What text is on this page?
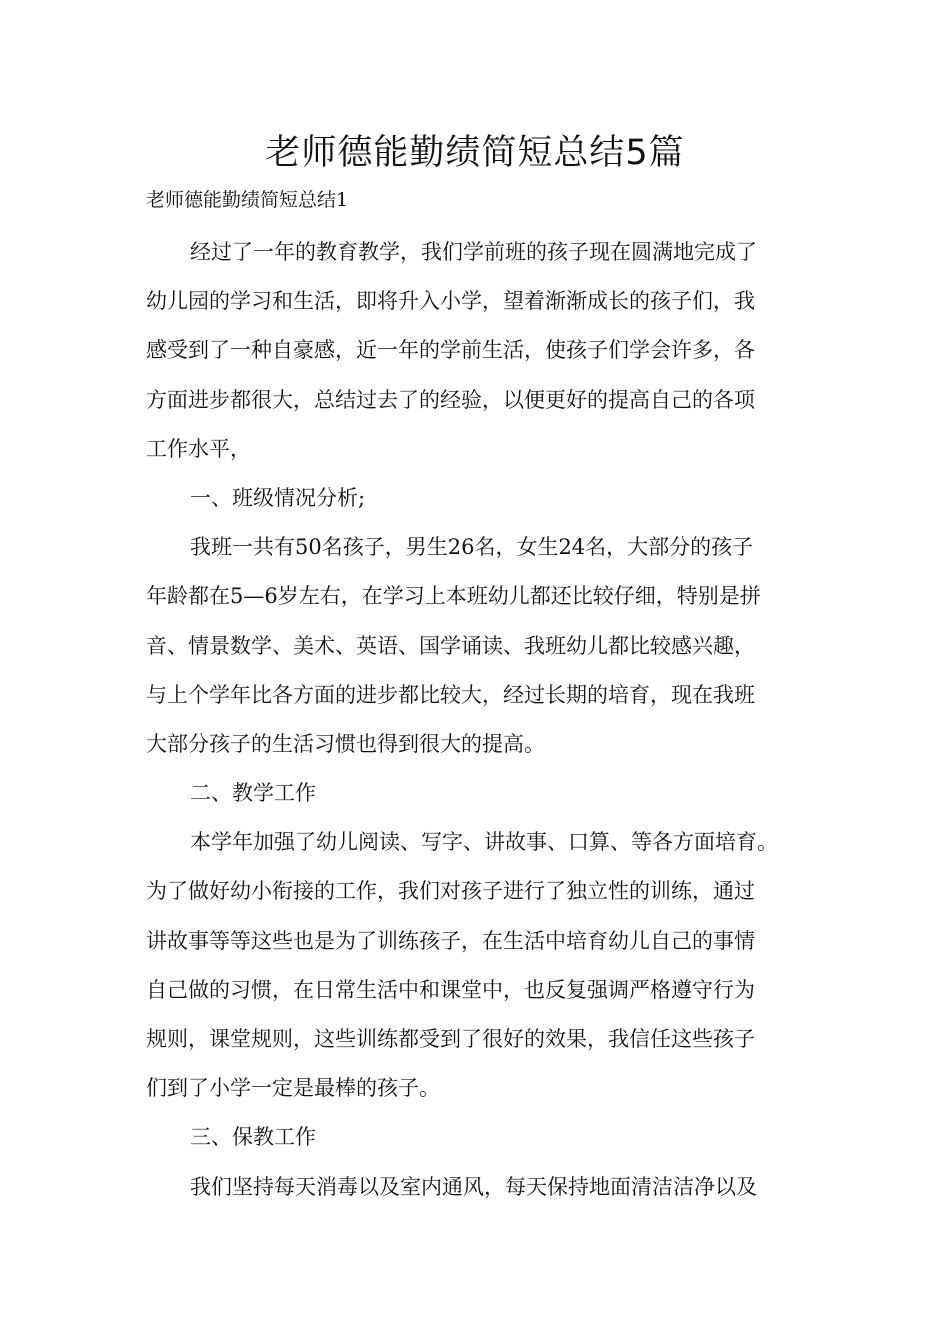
老师德能勤绩简短总结5篇
老师德能勤绩简短总结1
经过了一年的教育教学，我们学前班的孩子现在圆满地完成了
幼儿园的学习和生活，即将升入小学，望着渐渐成长的孩子们，我
感受到了一种自豪感，近一年的学前生活，使孩子们学会许多，各
方面进步都很大，总结过去了的经验，以便更好的提高自己的各项
工作水平，
一、班级情况分析;
我班一共有50名孩子，男生26名，女生24名，大部分的孩子
年龄都在5—6岁左右，在学习上本班幼儿都还比较仔细，特别是拼
音、情景数学、美术、英语、国学诵读、我班幼儿都比较感兴趣，
与上个学年比各方面的进步都比较大，经过长期的培育，现在我班
大部分孩子的生活习惯也得到很大的提高。
二、教学工作
本学年加强了幼儿阅读、写字、讲故事、口算、等各方面培育。
为了做好幼小衔接的工作，我们对孩子进行了独立性的训练，通过
讲故事等等这些也是为了训练孩子，在生活中培育幼儿自己的事情
自己做的习惯，在日常生活中和课堂中，也反复强调严格遵守行为
规则，课堂规则，这些训练都受到了很好的效果，我信任这些孩子
们到了小学一定是最棒的孩子。
三、保教工作
我们坚持每天消毒以及室内通风，每天保持地面清洁洁净以及
